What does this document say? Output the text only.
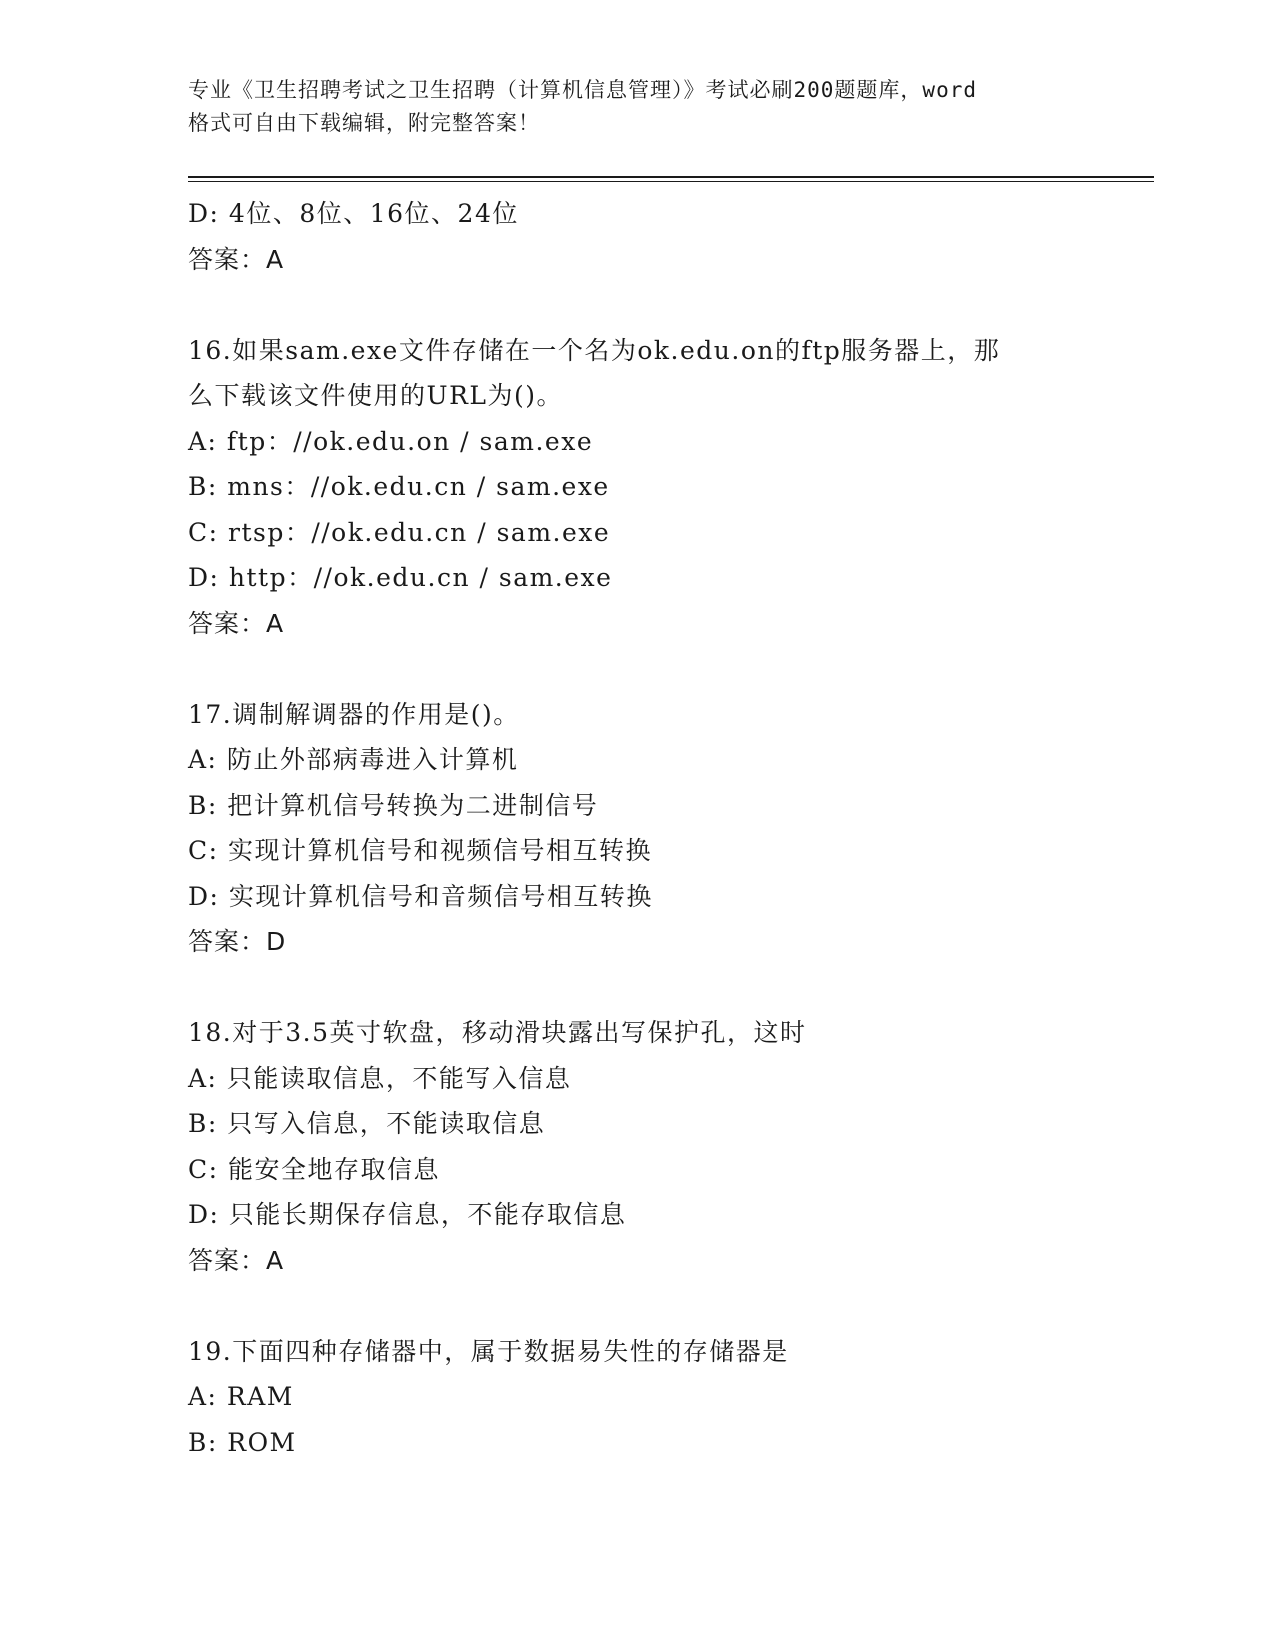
专业《卫生招聘考试之卫生招聘（计算机信息管理）》考试必刷200题题库，word
格式可自由下载编辑，附完整答案！
D: 4位、8位、16位、24位
答案：A
16.如果sam.exe文件存储在一个名为ok.edu.on的ftp服务器上，那
么下载该文件使用的URL为()。
A: ftp：//ok.edu.on / sam.exe
B: mns：//ok.edu.cn / sam.exe
C: rtsp：//ok.edu.cn / sam.exe
D: http：//ok.edu.cn / sam.exe
答案：A
17.调制解调器的作用是()。
A: 防止外部病毒进入计算机
B: 把计算机信号转换为二进制信号
C: 实现计算机信号和视频信号相互转换
D: 实现计算机信号和音频信号相互转换
答案：D
18.对于3.5英寸软盘，移动滑块露出写保护孔，这时
A: 只能读取信息，不能写入信息
B: 只写入信息，不能读取信息
C: 能安全地存取信息
D: 只能长期保存信息，不能存取信息
答案：A
19.下面四种存储器中，属于数据易失性的存储器是
A: RAM
B: ROM
